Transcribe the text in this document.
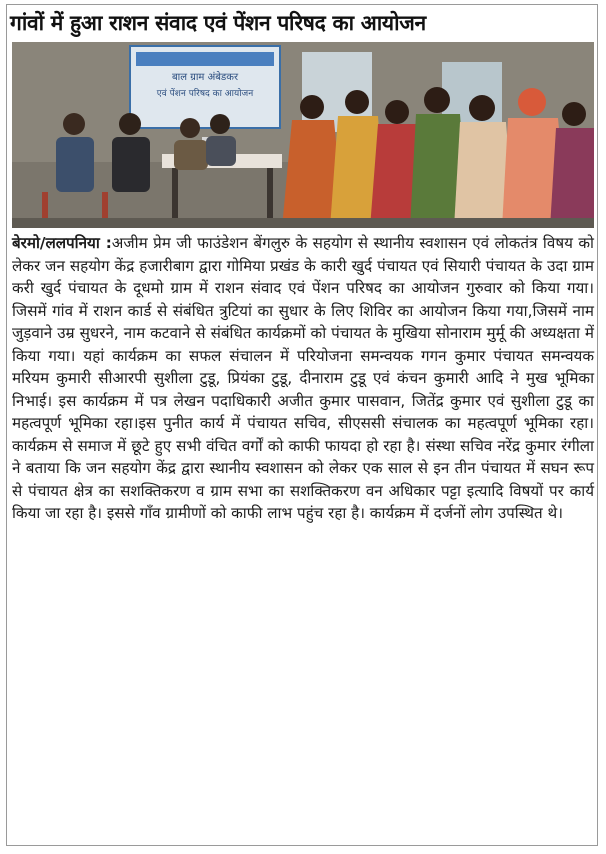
गांवों में हुआ राशन संवाद एवं पेंशन परिषद का आयोजन
बाल ग्राम अंबेडकर
एवं पेंशन परिषद का आयोजन

बेरमो/ललपनिया :अजीम प्रेम जी फाउंडेशन बेंगलुरु के सहयोग से स्थानीय स्वशासन एवं लोकतंत्र विषय को लेकर जन सहयोग केंद्र हजारीबाग द्वारा गोमिया प्रखंड के कारी खुर्द पंचायत एवं सियारी पंचायत के उदा ग्राम करी खुर्द पंचायत के दूधमो ग्राम में राशन संवाद एवं पेंशन परिषद का आयोजन गुरुवार को किया गया। जिसमें गांव में राशन कार्ड से संबंधित त्रुटियां का सुधार के लिए शिविर का आयोजन किया गया,जिसमें नाम जुड़वाने उम्र सुधरने, नाम कटवाने से संबंधित कार्यक्रमों को पंचायत के मुखिया सोनाराम मुर्मू की अध्यक्षता में किया गया। यहां कार्यक्रम का सफल संचालन में परियोजना समन्वयक गगन कुमार पंचायत समन्वयक मरियम कुमारी सीआरपी सुशीला टुडू, प्रियंका टुडू, दीनाराम टुडू एवं कंचन कुमारी आदि ने मुख भूमिका निभाई। इस कार्यक्रम में पत्र लेखन पदाधिकारी अजीत कुमार पासवान, जितेंद्र कुमार एवं सुशीला टुडू का महत्वपूर्ण भूमिका रहा।इस पुनीत कार्य में पंचायत सचिव, सीएससी संचालक का महत्वपूर्ण भूमिका रहा। कार्यक्रम से समाज में छूटे हुए सभी वंचित वर्गों को काफी फायदा हो रहा है। संस्था सचिव नरेंद्र कुमार रंगीला ने बताया कि जन सहयोग केंद्र द्वारा स्थानीय स्वशासन को लेकर एक साल से इन तीन पंचायत में सघन रूप से पंचायत क्षेत्र का सशक्तिकरण व ग्राम सभा का सशक्तिकरण वन अधिकार पट्टा इत्यादि विषयों पर कार्य किया जा रहा है। इससे गाँव ग्रामीणों को काफी लाभ पहुंच रहा है। कार्यक्रम में दर्जनों लोग उपस्थित थे।
